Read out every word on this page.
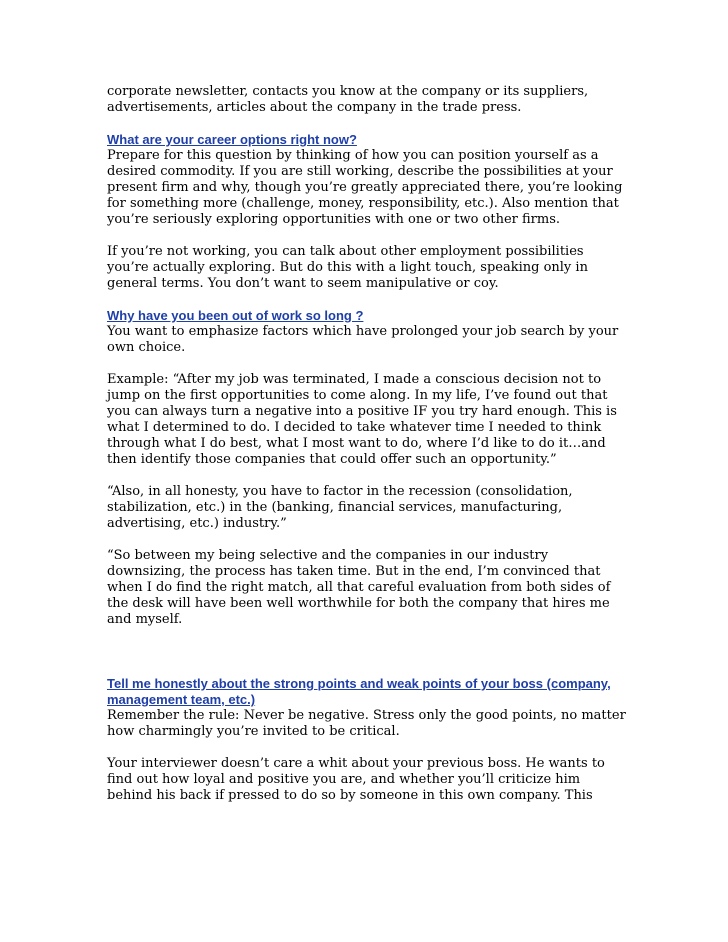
corporate newsletter, contacts you know at the company or its suppliers, advertisements, articles about the company in the trade press.

What are your career options right now?

Prepare for this question by thinking of how you can position yourself as a desired commodity. If you are still working, describe the possibilities at your present firm and why, though you’re greatly appreciated there, you’re looking for something more (challenge, money, responsibility, etc.). Also mention that you’re seriously exploring opportunities with one or two other firms.

If you’re not working, you can talk about other employment possibilities you’re actually exploring. But do this with a light touch, speaking only in general terms. You don’t want to seem manipulative or coy.

Why have you been out of work so long ?

You want to emphasize factors which have prolonged your job search by your own choice.

Example: “After my job was terminated, I made a conscious decision not to jump on the first opportunities to come along. In my life, I’ve found out that you can always turn a negative into a positive IF you try hard enough. This is what I determined to do. I decided to take whatever time I needed to think through what I do best, what I most want to do, where I’d like to do it…and then identify those companies that could offer such an opportunity.”

“Also, in all honesty, you have to factor in the recession (consolidation, stabilization, etc.) in the (banking, financial services, manufacturing, advertising, etc.) industry.”

“So between my being selective and the companies in our industry downsizing, the process has taken time. But in the end, I’m convinced that when I do find the right match, all that careful evaluation from both sides of the desk will have been well worthwhile for both the company that hires me and myself.

Tell me honestly about the strong points and weak points of your boss (company, management team, etc.)

Remember the rule: Never be negative. Stress only the good points, no matter how charmingly you’re invited to be critical.

Your interviewer doesn’t care a whit about your previous boss. He wants to find out how loyal and positive you are, and whether you’ll criticize him behind his back if pressed to do so by someone in this own company. This
